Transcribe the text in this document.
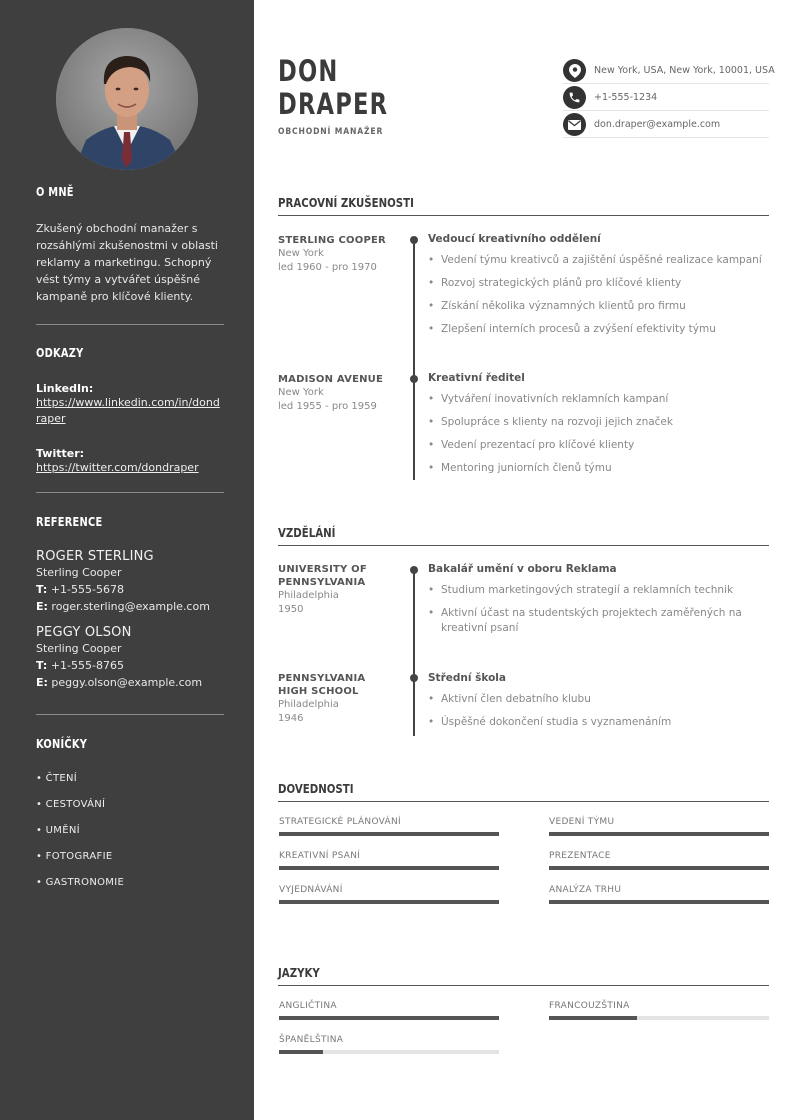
O MNĚ
Zkušený obchodní manažer s rozsáhlými zkušenostmi v oblasti reklamy a marketingu. Schopný vést týmy a vytvářet úspěšné kampaně pro klíčové klienty.
ODKAZY
LinkedIn:
https://www.linkedin.com/in/dondraper
Twitter:
https://twitter.com/dondraper
REFERENCE
ROGER STERLING
Sterling Cooper
T: +1-555-5678
E: roger.sterling@example.com
PEGGY OLSON
Sterling Cooper
T: +1-555-8765
E: peggy.olson@example.com
KONÍČKY
• ČTENÍ
• CESTOVÁNÍ
• UMĚNÍ
• FOTOGRAFIE
• GASTRONOMIE
DON
DRAPER
OBCHODNÍ MANAŽER
New York, USA, New York, 10001, USA
+1-555-1234
don.draper@example.com
PRACOVNÍ ZKUŠENOSTI
STERLING COOPER
New York
led 1960 - pro 1970
Vedoucí kreativního oddělení
• Vedení týmu kreativců a zajištění úspěšné realizace kampaní
• Rozvoj strategických plánů pro klíčové klienty
• Získání několika významných klientů pro firmu
• Zlepšení interních procesů a zvýšení efektivity týmu
MADISON AVENUE
New York
led 1955 - pro 1959
Kreativní ředitel
• Vytváření inovativních reklamních kampaní
• Spolupráce s klienty na rozvoji jejich značek
• Vedení prezentací pro klíčové klienty
• Mentoring juniorních členů týmu
VZDĚLÁNÍ
UNIVERSITY OF
PENNSYLVANIA
Philadelphia
1950
Bakalář umění v oboru Reklama
• Studium marketingových strategií a reklamních technik
• Aktivní účast na studentských projektech zaměřených na kreativní psaní
PENNSYLVANIA
HIGH SCHOOL
Philadelphia
1946
Střední škola
• Aktivní člen debatního klubu
• Úspěšné dokončení studia s vyznamenáním
DOVEDNOSTI
STRATEGICKÉ PLÁNOVÁNÍ	VEDENÍ TÝMU
KREATIVNÍ PSANÍ	PREZENTACE
VYJEDNÁVÁNÍ	ANALÝZA TRHU
JAZYKY
ANGLIČTINA	FRANCOUZŠTINA
ŠPANĚLŠTINA
